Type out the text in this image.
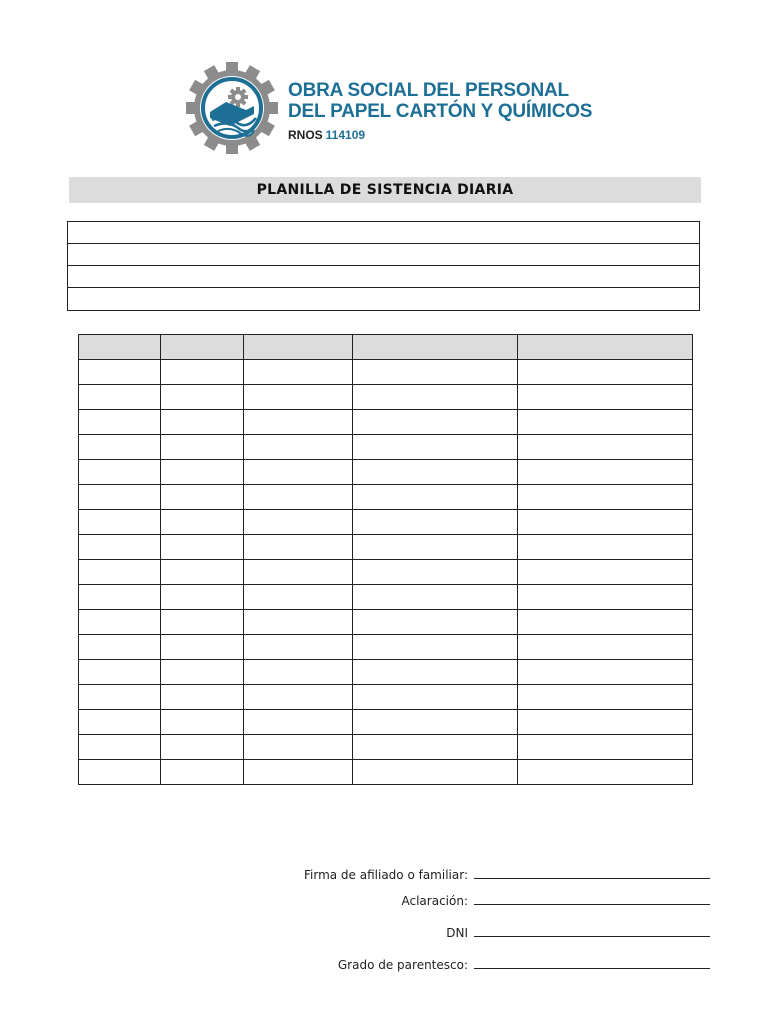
OBRA SOCIAL DEL PERSONAL
DEL PAPEL CARTÓN Y QUÍMICOS
RNOS 114109
PLANILLA DE SISTENCIA DIARIA

Firma de afiliado o familiar:
Aclaración:
DNI
Grado de parentesco:
